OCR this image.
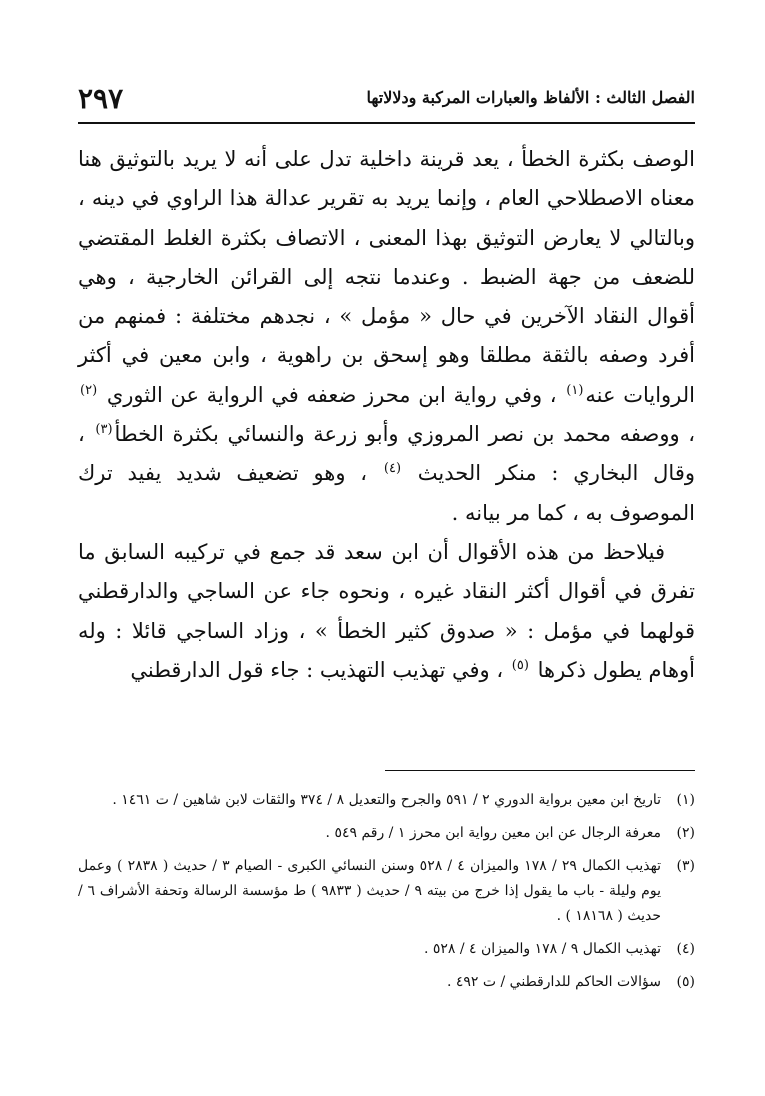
الفصل الثالث : الألفاظ والعبارات المركبة ودلالاتها
٢٩٧

الوصف بكثرة الخطأ ، يعد قرينة داخلية تدل على أنه لا يريد بالتوثيق هنا معناه الاصطلاحي العام ، وإنما يريد به تقرير عدالة هذا الراوي في دينه ، وبالتالي لا يعارض التوثيق بهذا المعنى ، الاتصاف بكثرة الغلط المقتضي للضعف من جهة الضبط . وعندما نتجه إلى القرائن الخارجية ، وهي أقوال النقاد الآخرين في حال « مؤمل » ، نجدهم مختلفة : فمنهم من أفرد وصفه بالثقة مطلقا وهو إسحق بن راهوية ، وابن معين في أكثر الروايات عنه$^{(١)}$ ، وفي رواية ابن محرز ضعفه في الرواية عن الثوري $^{(٢)}$ ، ووصفه محمد بن نصر المروزي وأبو زرعة والنسائي بكثرة الخطأ$^{(٣)}$ ، وقال البخاري : منكر الحديث $^{(٤)}$ ، وهو تضعيف شديد يفيد ترك الموصوف به ، كما مر بيانه .

فيلاحظ من هذه الأقوال أن ابن سعد قد جمع في تركيبه السابق ما تفرق في أقوال أكثر النقاد غيره ، ونحوه جاء عن الساجي والدارقطني قولهما في مؤمل : « صدوق كثير الخطأ » ، وزاد الساجي قائلا : وله أوهام يطول ذكرها $^{(٥)}$ ، وفي تهذيب التهذيب : جاء قول الدارقطني

(١)
تاريخ ابن معين برواية الدوري ٢ / ٥٩١ والجرح والتعديل ٨ / ٣٧٤ والثقات لابن شاهين / ت ١٤٦١ .
(٢)
معرفة الرجال عن ابن معين رواية ابن محرز ١ / رقم ٥٤٩ .
(٣)
تهذيب الكمال ٢٩ / ١٧٨ والميزان ٤ / ٥٢٨ وسنن النسائي الكبرى - الصيام ٣ / حديث ( ٢٨٣٨ ) وعمل يوم وليلة - باب ما يقول إذا خرج من بيته ٩ / حديث ( ٩٨٣٣ ) ط مؤسسة الرسالة وتحفة الأشراف ٦ / حديث ( ١٨١٦٨ ) .
(٤)
تهذيب الكمال ٩ / ١٧٨ والميزان ٤ / ٥٢٨ .
(٥)
سؤالات الحاكم للدارقطني / ت ٤٩٢ .
